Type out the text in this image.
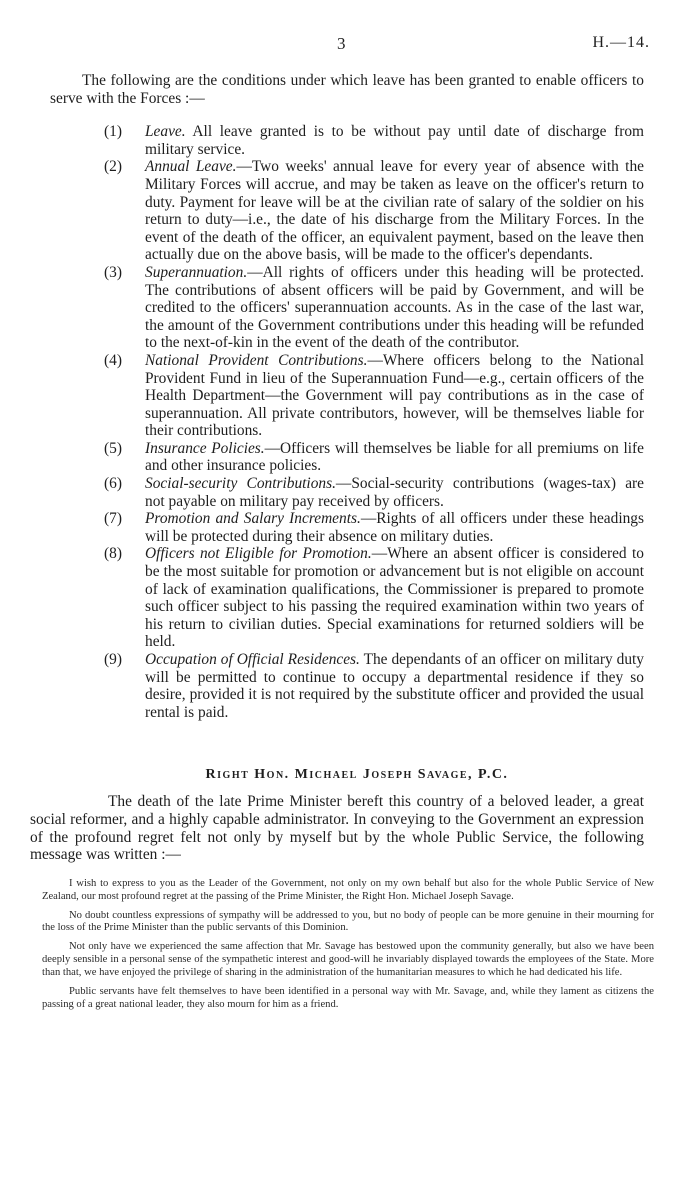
3	H.—14.

The following are the conditions under which leave has been granted to enable officers to serve with the Forces :—

(1) Leave. All leave granted is to be without pay until date of discharge from military service.
(2) Annual Leave.—Two weeks' annual leave for every year of absence with the Military Forces will accrue, and may be taken as leave on the officer's return to duty. Payment for leave will be at the civilian rate of salary of the soldier on his return to duty—i.e., the date of his discharge from the Military Forces. In the event of the death of the officer, an equivalent payment, based on the leave then actually due on the above basis, will be made to the officer's dependants.
(3) Superannuation.—All rights of officers under this heading will be protected. The contributions of absent officers will be paid by Government, and will be credited to the officers' superannuation accounts. As in the case of the last war, the amount of the Government contributions under this heading will be refunded to the next-of-kin in the event of the death of the contributor.
(4) National Provident Contributions.—Where officers belong to the National Provident Fund in lieu of the Superannuation Fund—e.g., certain officers of the Health Department—the Government will pay contributions as in the case of superannuation. All private contributors, however, will be themselves liable for their contributions.
(5) Insurance Policies.—Officers will themselves be liable for all premiums on life and other insurance policies.
(6) Social-security Contributions.—Social-security contributions (wages-tax) are not payable on military pay received by officers.
(7) Promotion and Salary Increments.—Rights of all officers under these headings will be protected during their absence on military duties.
(8) Officers not Eligible for Promotion.—Where an absent officer is considered to be the most suitable for promotion or advancement but is not eligible on account of lack of examination qualifications, the Commissioner is prepared to promote such officer subject to his passing the required examination within two years of his return to civilian duties. Special examinations for returned soldiers will be held.
(9) Occupation of Official Residences. The dependants of an officer on military duty will be permitted to continue to occupy a departmental residence if they so desire, provided it is not required by the substitute officer and provided the usual rental is paid.
Right Hon. Michael Joseph Savage, P.C.

The death of the late Prime Minister bereft this country of a beloved leader, a great social reformer, and a highly capable administrator. In conveying to the Government an expression of the profound regret felt not only by myself but by the whole Public Service, the following message was written :—

I wish to express to you as the Leader of the Government, not only on my own behalf but also for the whole Public Service of New Zealand, our most profound regret at the passing of the Prime Minister, the Right Hon. Michael Joseph Savage.

No doubt countless expressions of sympathy will be addressed to you, but no body of people can be more genuine in their mourning for the loss of the Prime Minister than the public servants of this Dominion.

Not only have we experienced the same affection that Mr. Savage has bestowed upon the community generally, but also we have been deeply sensible in a personal sense of the sympathetic interest and good-will he invariably displayed towards the employees of the State. More than that, we have enjoyed the privilege of sharing in the administration of the humanitarian measures to which he had dedicated his life.

Public servants have felt themselves to have been identified in a personal way with Mr. Savage, and, while they lament as citizens the passing of a great national leader, they also mourn for him as a friend.
